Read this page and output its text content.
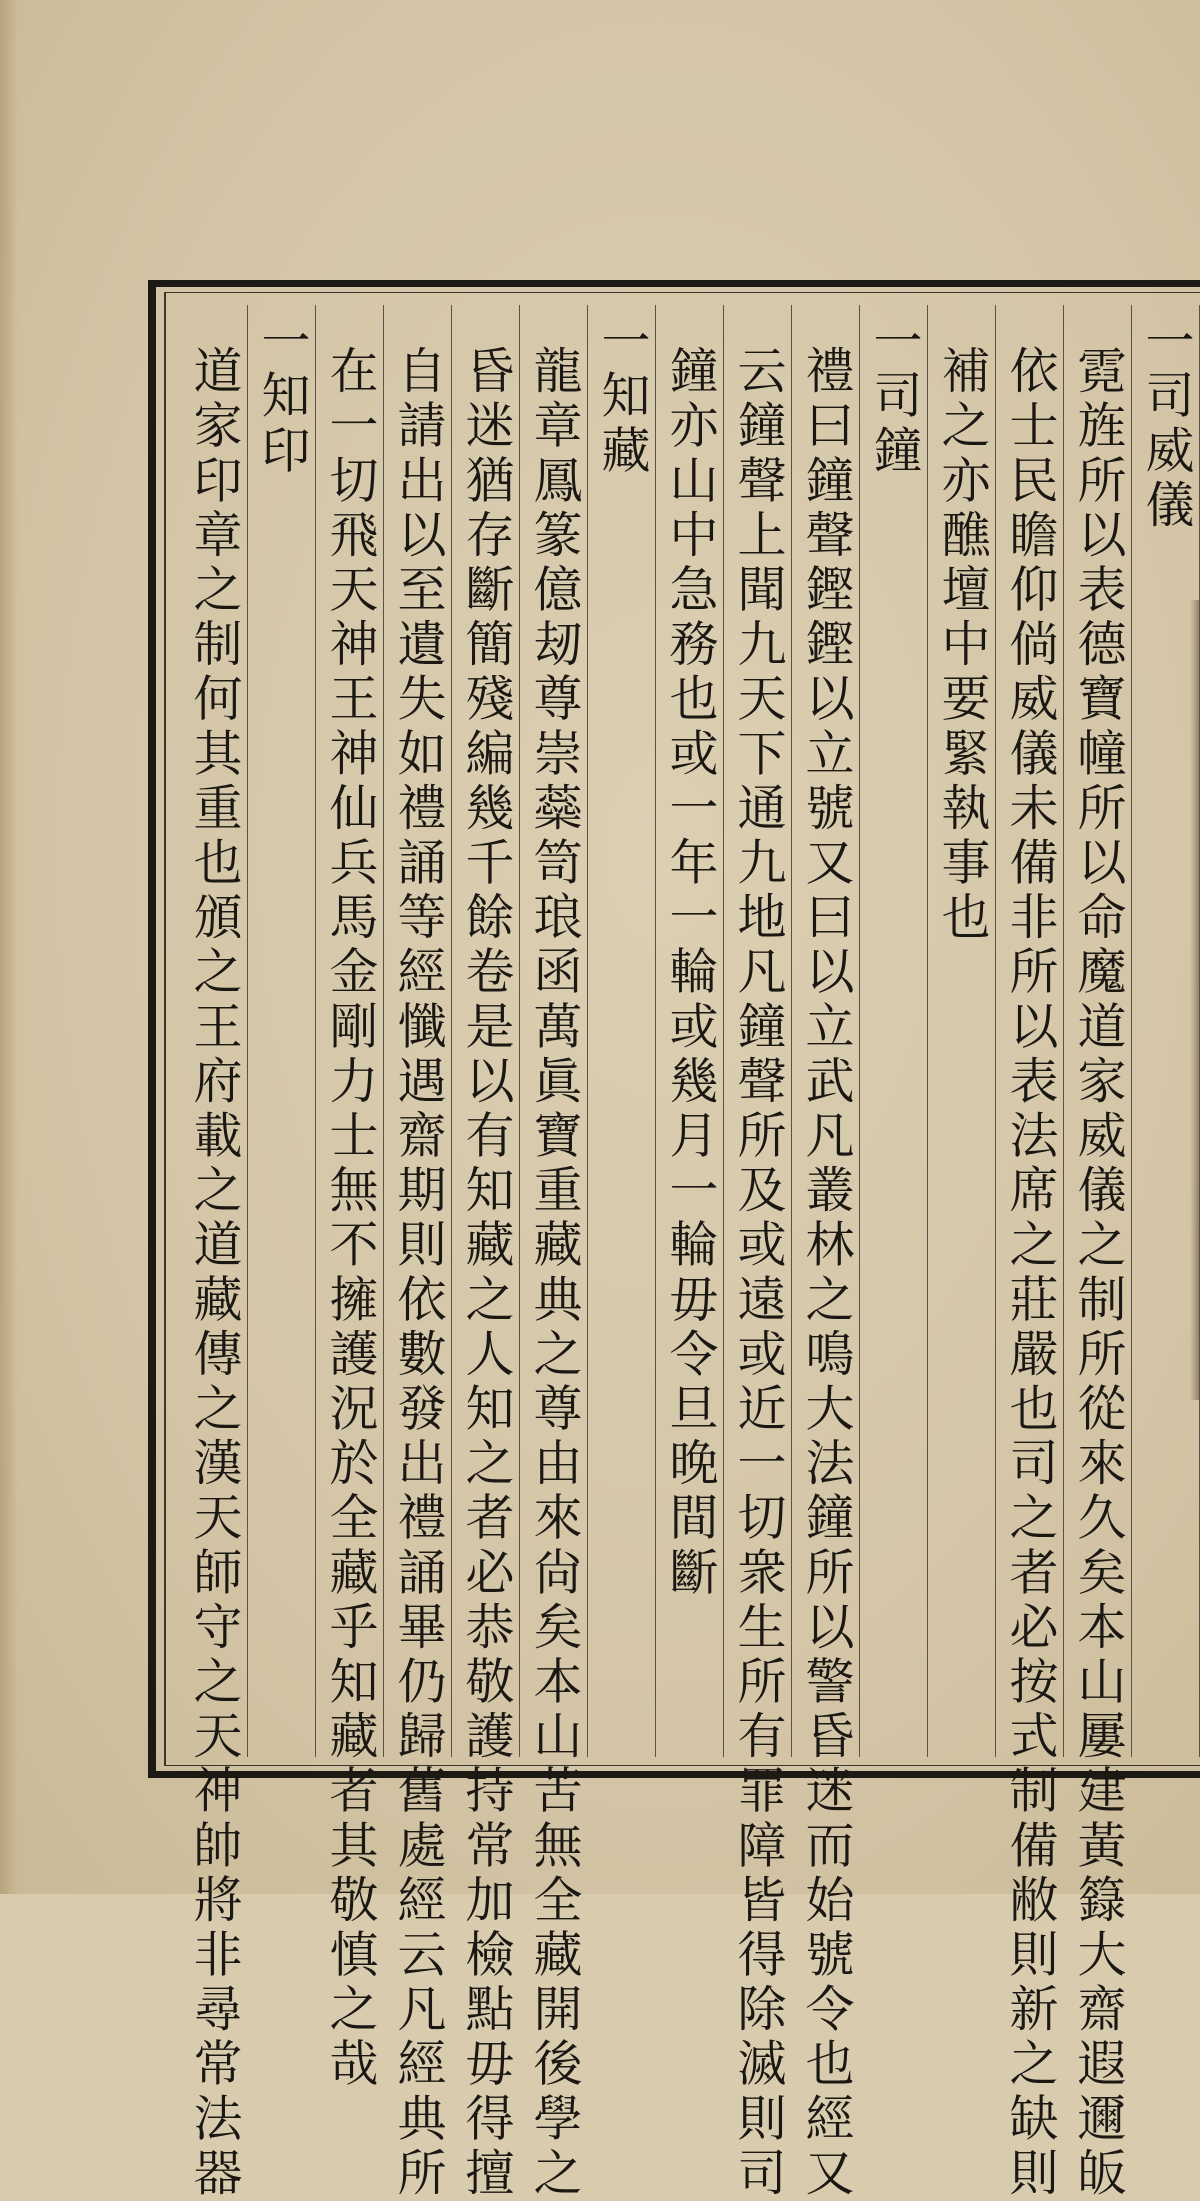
一司威儀
霓旌所以表德寶幢所以命魔道家威儀之制所從來久矣本山屢建黃籙大齋遐邇皈
依士民瞻仰倘威儀未備非所以表法席之莊嚴也司之者必按式制備敝則新之缺則
補之亦醮壇中要緊執事也
一司鐘
禮曰鐘聲鏗鏗以立號又曰以立武凡叢林之鳴大法鐘所以警昏迷而始號令也經又
云鐘聲上聞九天下通九地凡鐘聲所及或遠或近一切衆生所有罪障皆得除滅則司
鐘亦山中急務也或一年一輪或幾月一輪毋令旦晚間斷
一知藏
龍章鳳篆億刼尊崇蘂笥琅函萬眞寶重藏典之尊由來尙矣本山苦無全藏開後學之
昏迷猶存斷簡殘編幾千餘卷是以有知藏之人知之者必恭敬護持常加檢點毋得擅
自請出以至遺失如禮誦等經懺遇齋期則依數發出禮誦畢仍歸舊處經云凡經典所
在一切飛天神王神仙兵馬金剛力士無不擁護況於全藏乎知藏者其敬慎之哉
一知印
道家印章之制何其重也頒之王府載之道藏傳之漢天師守之天神帥將非尋常法器
